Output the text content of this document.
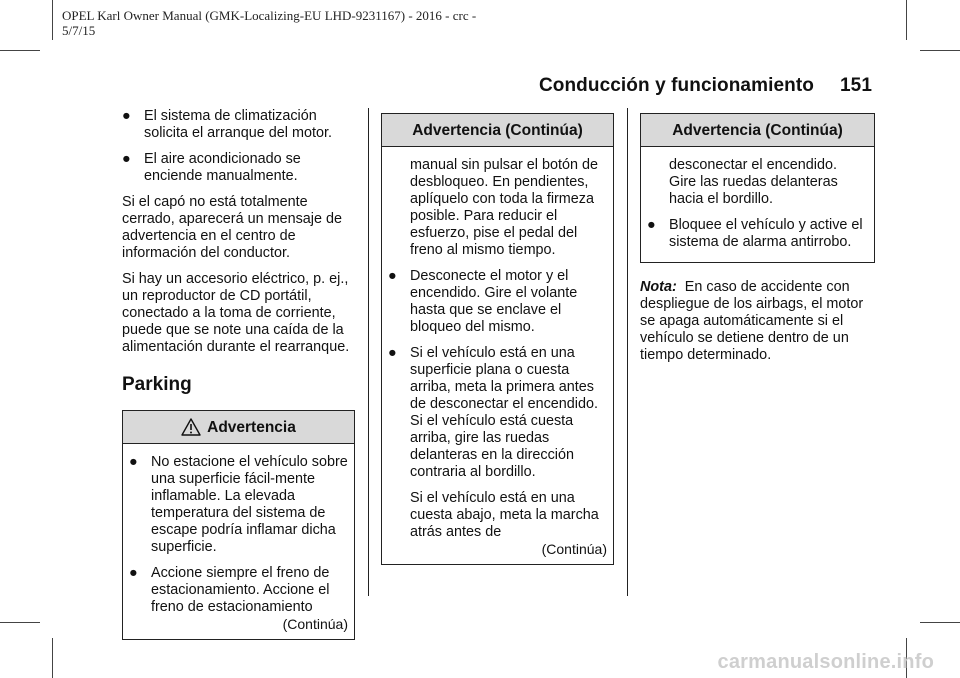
OPEL Karl Owner Manual (GMK-Localizing-EU LHD-9231167) - 2016 - crc -
5/7/15
Conducción y funcionamiento 151
● El sistema de climatización solicita el arranque del motor.
● El aire acondicionado se enciende manualmente.

Si el capó no está totalmente cerrado, aparecerá un mensaje de advertencia en el centro de información del conductor.

Si hay un accesorio eléctrico, p. ej., un reproductor de CD portátil, conectado a la toma de corriente, puede que se note una caída de la alimentación durante el rearranque.

Parking
Advertencia
● No estacione el vehículo sobre una superficie fácil-mente inflamable. La elevada temperatura del sistema de escape podría inflamar dicha superficie.
● Accione siempre el freno de estacionamiento. Accione el freno de estacionamiento
(Continúa)
Advertencia (Continúa)

manual sin pulsar el botón de desbloqueo. En pendientes, aplíquelo con toda la firmeza posible. Para reducir el esfuerzo, pise el pedal del freno al mismo tiempo.

● Desconecte el motor y el encendido. Gire el volante hasta que se enclave el bloqueo del mismo.
● Si el vehículo está en una superficie plana o cuesta arriba, meta la primera antes de desconectar el encendido. Si el vehículo está cuesta arriba, gire las ruedas delanteras en la dirección contraria al bordillo.

Si el vehículo está en una cuesta abajo, meta la marcha atrás antes de

(Continúa)
Advertencia (Continúa)

desconectar el encendido. Gire las ruedas delanteras hacia el bordillo.

● Bloquee el vehículo y active el sistema de alarma antirrobo.

Nota: En caso de accidente con despliegue de los airbags, el motor se apaga automáticamente si el vehículo se detiene dentro de un tiempo determinado.

carmanualsonline.info
